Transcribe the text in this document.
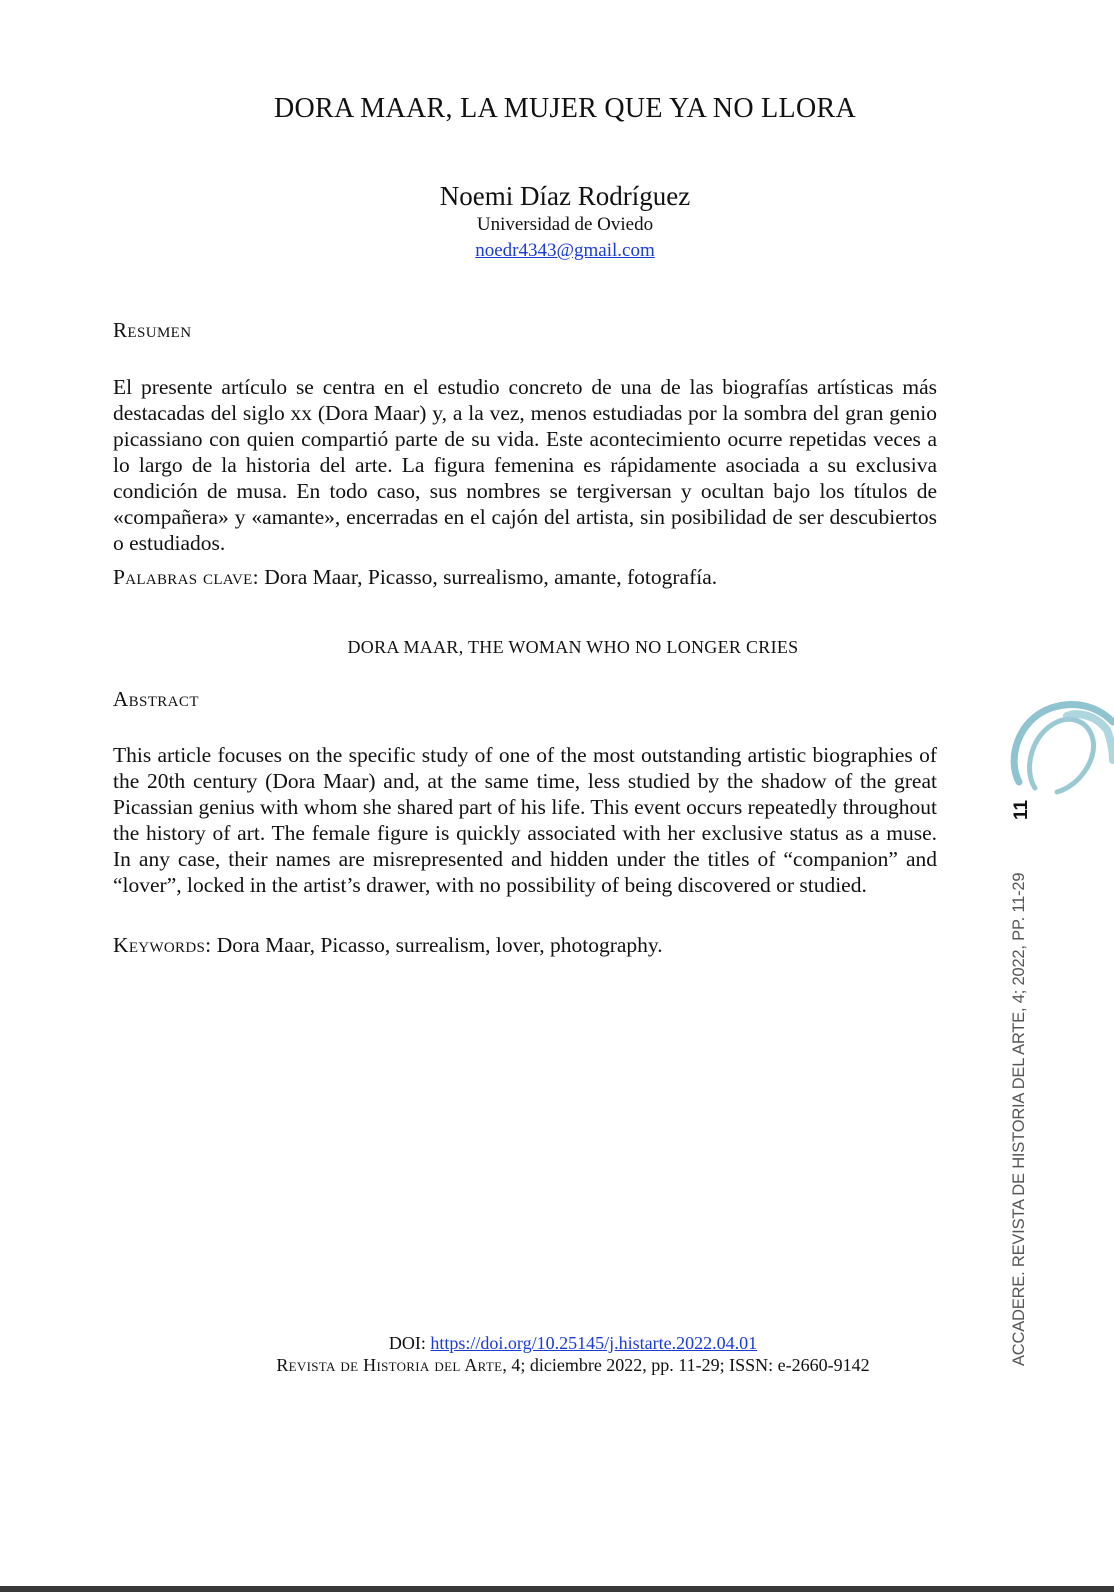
DORA MAAR, LA MUJER QUE YA NO LLORA
Noemi Díaz Rodríguez
Universidad de Oviedo
noedr4343@gmail.com
Resumen
El presente artículo se centra en el estudio concreto de una de las biografías artísticas más destacadas del siglo xx (Dora Maar) y, a la vez, menos estudiadas por la sombra del gran genio picassiano con quien compartió parte de su vida. Este acontecimiento ocurre repetidas veces a lo largo de la historia del arte. La figura femenina es rápidamente asociada a su exclusiva condición de musa. En todo caso, sus nombres se tergiversan y ocultan bajo los títulos de «compañera» y «amante», encerradas en el cajón del artista, sin posibilidad de ser descubiertos o estudiados.
Palabras clave: Dora Maar, Picasso, surrealismo, amante, fotografía.
DORA MAAR, THE WOMAN WHO NO LONGER CRIES
Abstract
This article focuses on the specific study of one of the most outstanding artistic biographies of the 20th century (Dora Maar) and, at the same time, less studied by the shadow of the great Picassian genius with whom she shared part of his life. This event occurs repeatedly throughout the history of art. The female figure is quickly associated with her exclusive status as a muse. In any case, their names are misrepresented and hidden under the titles of “companion” and “lover”, locked in the artist’s drawer, with no possibility of being discovered or studied.
Keywords: Dora Maar, Picasso, surrealism, lover, photography.
DOI: https://doi.org/10.25145/j.histarte.2022.04.01
Revista de Historia del Arte, 4; diciembre 2022, pp. 11-29; ISSN: e-2660-9142
11
ACCADERE. REVISTA DE HISTORIA DEL ARTE, 4; 2022, PP. 11-29
